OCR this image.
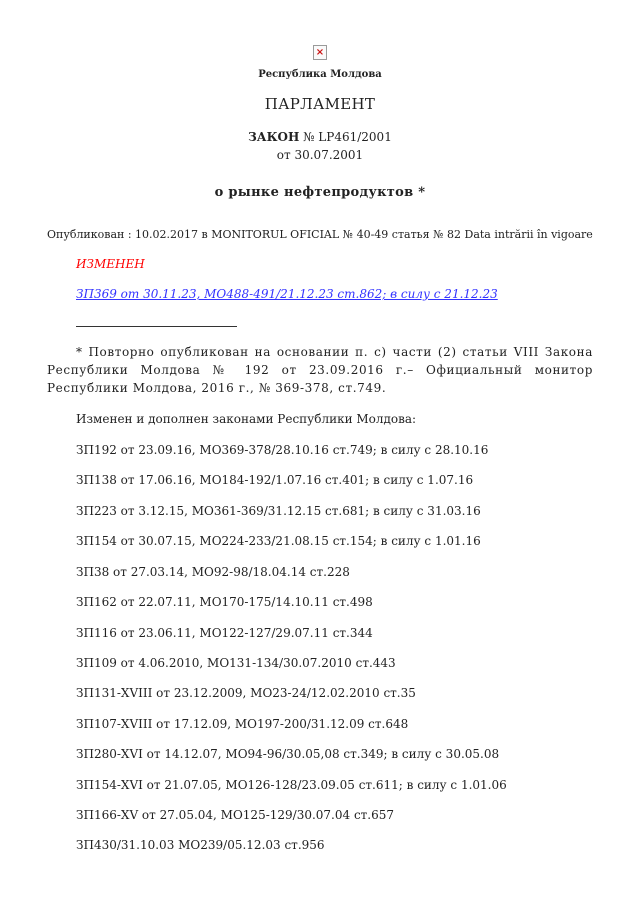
×
Республика Молдова
ПАРЛАМЕНТ
ЗАКОН № LP461/2001
от 30.07.2001
о рынке нефтепродуктов *
Опубликован : 10.02.2017 в MONITORUL OFICIAL № 40-49 статья № 82 Data intrării în vigoare
ИЗМЕНЕН
ЗП369 от 30.11.23, МО488-491/21.12.23 ст.862; в силу с 21.12.23
* Повторно опубликован на основании п. c) части (2) статьи VIII Закона Республики Молдова № 192 от 23.09.2016 г.– Официальный монитор Республики Молдова, 2016 г., № 369-378, ст.749.
Изменен и дополнен законами Республики Молдова:
ЗП192 от 23.09.16, МО369-378/28.10.16 ст.749; в силу с 28.10.16
ЗП138 от 17.06.16, МО184-192/1.07.16 ст.401; в силу с 1.07.16
ЗП223 от 3.12.15, МО361-369/31.12.15 ст.681; в силу с 31.03.16
ЗП154 от 30.07.15, МО224-233/21.08.15 ст.154; в силу с 1.01.16
ЗП38 от 27.03.14, МО92-98/18.04.14 ст.228
ЗП162 от 22.07.11, МО170-175/14.10.11 ст.498
ЗП116 от 23.06.11, МО122-127/29.07.11 ст.344
ЗП109 от 4.06.2010, МО131-134/30.07.2010 ст.443
ЗП131-XVIII от 23.12.2009, МО23-24/12.02.2010 ст.35
ЗП107-XVIII от 17.12.09, МО197-200/31.12.09 ст.648
ЗП280-XVI от 14.12.07, МО94-96/30.05,08 ст.349; в силу с 30.05.08
ЗП154-XVI от 21.07.05, МО126-128/23.09.05 ст.611; в силу с 1.01.06
ЗП166-XV от 27.05.04, МО125-129/30.07.04 ст.657
ЗП430/31.10.03 МО239/05.12.03 ст.956
